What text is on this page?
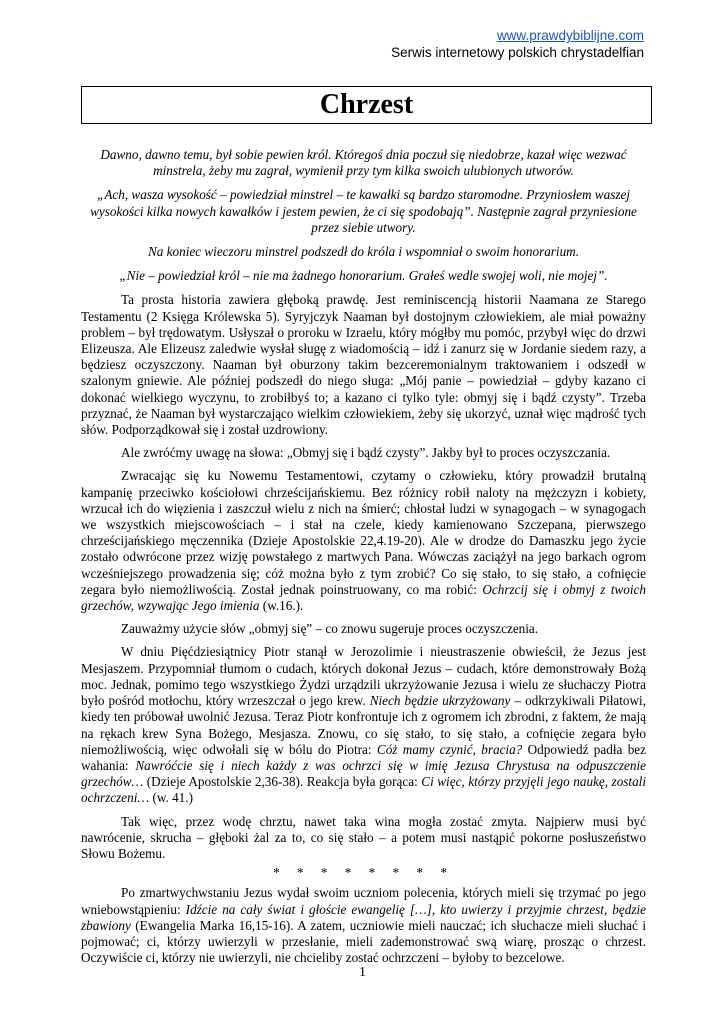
www.prawdybiblijne.com
Serwis internetowy polskich chrystadelfian
Chrzest

Dawno, dawno temu, był sobie pewien król. Któregoś dnia poczuł się niedobrze, kazał więc wezwać minstrela, żeby mu zagrał, wymienił przy tym kilka swoich ulubionych utworów.

„Ach, wasza wysokość – powiedział minstrel – te kawałki są bardzo staromodne. Przyniosłem waszej wysokości kilka nowych kawałków i jestem pewien, że ci się spodobają”. Następnie zagrał przyniesione przez siebie utwory.

Na koniec wieczoru minstrel podszedł do króla i wspomniał o swoim honorarium.

„Nie – powiedział król – nie ma żadnego honorarium. Grałeś wedle swojej woli, nie mojej”.

Ta prosta historia zawiera głęboką prawdę. Jest reminiscencją historii Naamana ze Starego Testamentu (2 Księga Królewska 5). Syryjczyk Naaman był dostojnym człowiekiem, ale miał poważny problem – był trędowatym. Usłyszał o proroku w Izraelu, który mógłby mu pomóc, przybył więc do drzwi Elizeusza. Ale Elizeusz zaledwie wysłał sługę z wiadomością – idź i zanurz się w Jordanie siedem razy, a będziesz oczyszczony. Naaman był oburzony takim bezceremonialnym traktowaniem i odszedł w szalonym gniewie. Ale później podszedł do niego sługa: „Mój panie – powiedział – gdyby kazano ci dokonać wielkiego wyczynu, to zrobiłbyś to; a kazano ci tylko tyle: obmyj się i bądź czysty”. Trzeba przyznać, że Naaman był wystarczająco wielkim człowiekiem, żeby się ukorzyć, uznał więc mądrość tych słów. Podporządkował się i został uzdrowiony.

Ale zwróćmy uwagę na słowa: „Obmyj się i bądź czysty”. Jakby był to proces oczyszczania.

Zwracając się ku Nowemu Testamentowi, czytamy o człowieku, który prowadził brutalną kampanię przeciwko kościołowi chrześcijańskiemu. Bez różnicy robił naloty na mężczyzn i kobiety, wrzucał ich do więzienia i zaszczuł wielu z nich na śmierć; chłostał ludzi w synagogach – w synagogach we wszystkich miejscowościach – i stał na czele, kiedy kamienowano Szczepana, pierwszego chrześcijańskiego męczennika (Dzieje Apostolskie 22,4.19-20). Ale w drodze do Damaszku jego życie zostało odwrócone przez wizję powstałego z martwych Pana. Wówczas zaciążył na jego barkach ogrom wcześniejszego prowadzenia się; cóż można było z tym zrobić? Co się stało, to się stało, a cofnięcie zegara było niemożliwością. Został jednak poinstruowany, co ma robić: Ochrzcij się i obmyj z twoich grzechów, wzywając Jego imienia (w.16.).

Zauważmy użycie słów „obmyj się” – co znowu sugeruje proces oczyszczenia.

W dniu Pięćdziesiątnicy Piotr stanął w Jerozolimie i nieustraszenie obwieścił, że Jezus jest Mesjaszem. Przypomniał tłumom o cudach, których dokonał Jezus – cudach, które demonstrowały Bożą moc. Jednak, pomimo tego wszystkiego Żydzi urządzili ukrzyżowanie Jezusa i wielu ze słuchaczy Piotra było pośród motłochu, który wrzeszczał o jego krew. Niech będzie ukrzyżowany – odkrzykiwali Piłatowi, kiedy ten próbował uwolnić Jezusa. Teraz Piotr konfrontuje ich z ogromem ich zbrodni, z faktem, że mają na rękach krew Syna Bożego, Mesjasza. Znowu, co się stało, to się stało, a cofnięcie zegara było niemożliwością, więc odwołali się w bólu do Piotra: Cóż mamy czynić, bracia? Odpowiedź padła bez wahania: Nawróćcie się i niech każdy z was ochrzci się w imię Jezusa Chrystusa na odpuszczenie grzechów… (Dzieje Apostolskie 2,36-38). Reakcja była gorąca: Ci więc, którzy przyjęli jego naukę, zostali ochrzczeni… (w. 41.)

Tak więc, przez wodę chrztu, nawet taka wina mogła zostać zmyta. Najpierw musi być nawrócenie, skrucha – głęboki żal za to, co się stało – a potem musi nastąpić pokorne posłuszeństwo Słowu Bożemu.

* * * * * * * *

Po zmartwychwstaniu Jezus wydał swoim uczniom polecenia, których mieli się trzymać po jego wniebowstąpieniu: Idźcie na cały świat i głoście ewangelię […], kto uwierzy i przyjmie chrzest, będzie zbawiony (Ewangelia Marka 16,15-16). A zatem, uczniowie mieli nauczać; ich słuchacze mieli słuchać i pojmować; ci, którzy uwierzyli w przesłanie, mieli zademonstrować swą wiarę, prosząc o chrzest. Oczywiście ci, którzy nie uwierzyli, nie chcieliby zostać ochrzczeni – byłoby to bezcelowe.

1
